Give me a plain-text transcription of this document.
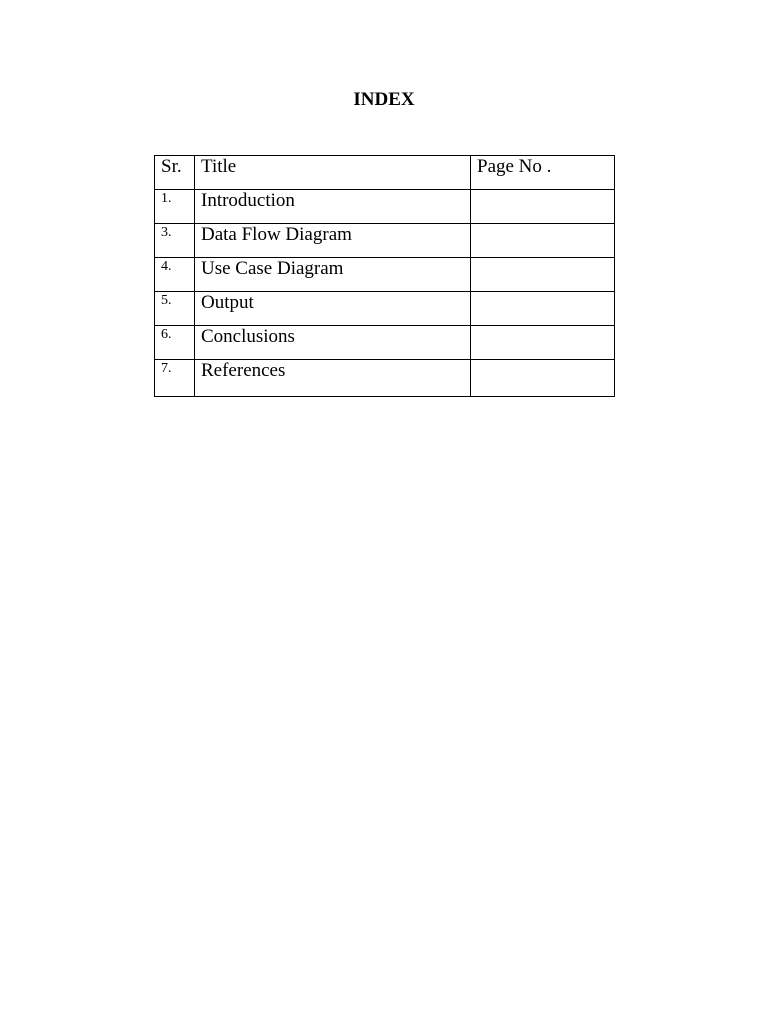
INDEX
Sr.	Title	Page No .
1.	Introduction	
3.	Data Flow Diagram	
4.	Use Case Diagram	
5.	Output	
6.	Conclusions	
7.	References	
